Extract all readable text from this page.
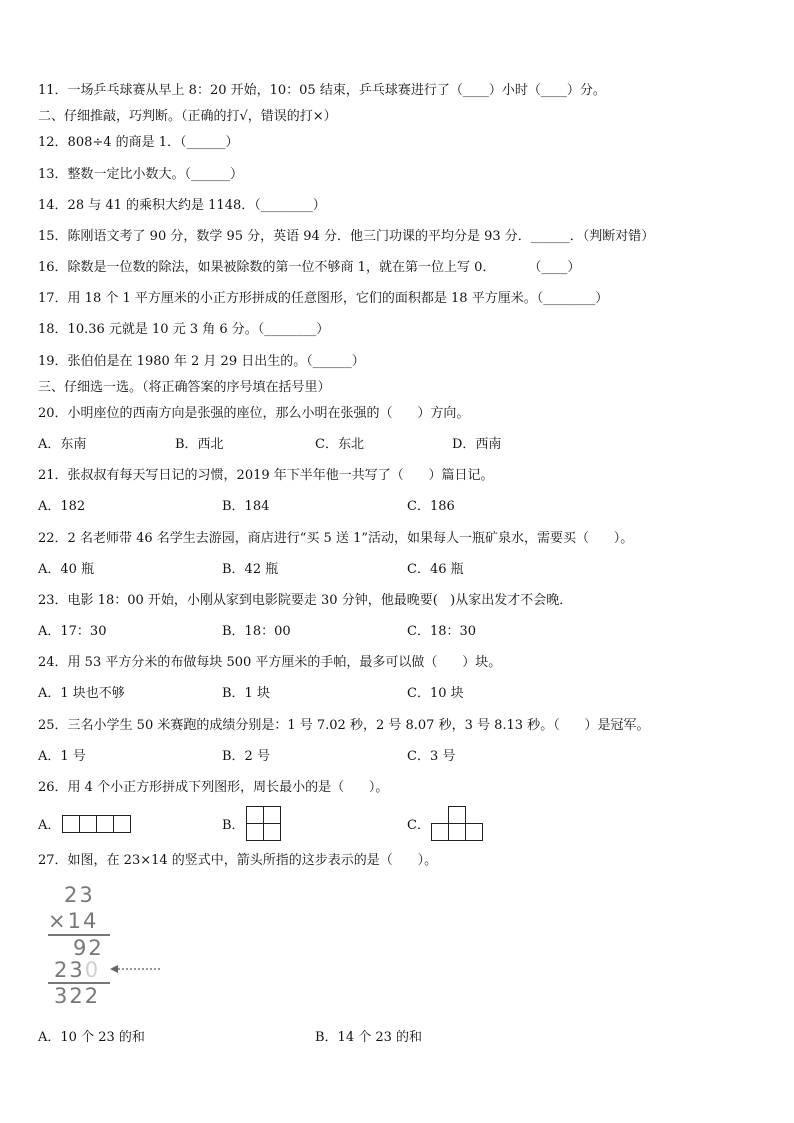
11．一场乒乓球赛从早上 8：20 开始，10：05 结束，乒乓球赛进行了（____）小时（____）分。
二、仔细推敲，巧判断。（正确的打√，错误的打×）
12．808÷4 的商是 1．（______）
13．整数一定比小数大。（______）
14．28 与 41 的乘积大约是 1148．（________）
15．陈刚语文考了 90 分，数学 95 分，英语 94 分．他三门功课的平均分是 93 分．______．（判断对错）
16．除数是一位数的除法，如果被除数的第一位不够商 1，就在第一位上写 0．        （____）
17．用 18 个 1 平方厘米的小正方形拼成的任意图形，它们的面积都是 18 平方厘米。（________）
18．10.36 元就是 10 元 3 角 6 分。（________）
19．张伯伯是在 1980 年 2 月 29 日出生的。（______）
三、仔细选一选。（将正确答案的序号填在括号里）
20．小明座位的西南方向是张强的座位，那么小明在张强的（      ）方向。
A．东南	B．西北	C．东北	D．西南
21．张叔叔有每天写日记的习惯，2019 年下半年他一共写了（      ）篇日记。
A．182	B．184	C．186
22．2 名老师带 46 名学生去游园，商店进行“买 5 送 1”活动，如果每人一瓶矿泉水，需要买（      ）。
A．40 瓶	B．42 瓶	C．46 瓶
23．电影 18：00 开始，小刚从家到电影院要走 30 分钟，他最晚要(   )从家出发才不会晚．
A．17：30	B．18：00	C．18：30
24．用 53 平方分米的布做每块 500 平方厘米的手帕，最多可以做（      ）块。
A．1 块也不够	B．1 块	C．10 块
25．三名小学生 50 米赛跑的成绩分别是：1 号 7.02 秒，2 号 8.07 秒，3 号 8.13 秒。（      ）是冠军。
A．1 号	B．2 号	C．3 号
26．用 4 个小正方形拼成下列图形，周长最小的是（      ）。
A．	B．	C．
27．如图，在 23×14 的竖式中，箭头所指的这步表示的是（      ）。
23
×14
92
230
322
A．10 个 23 的和	B．14 个 23 的和
